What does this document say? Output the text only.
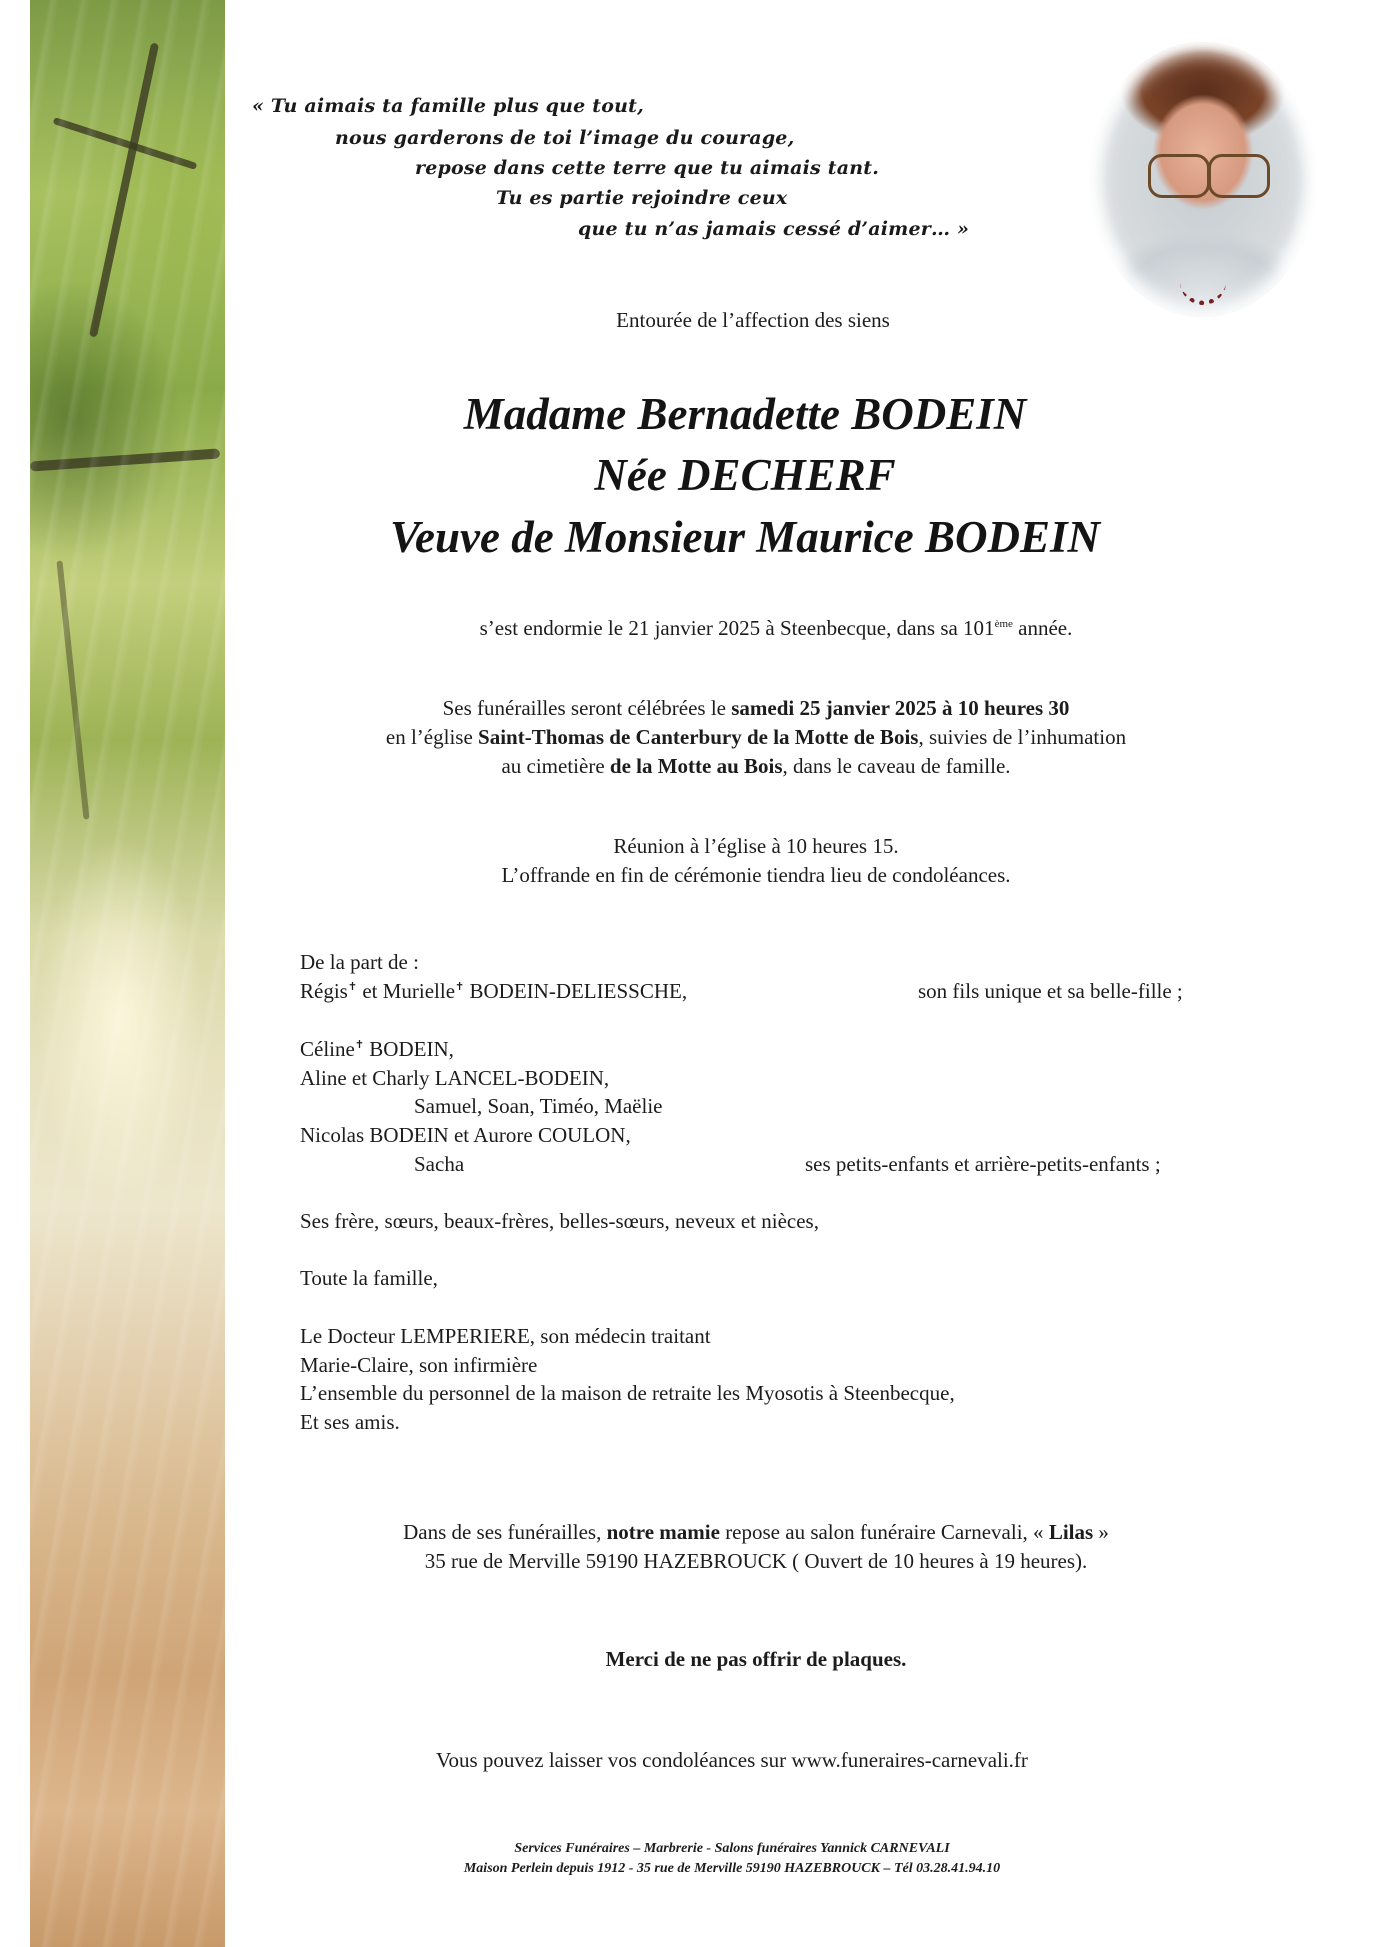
« Tu aimais ta famille plus que tout,
nous garderons de toi l’image du courage,
repose dans cette terre que tu aimais tant.
Tu es partie rejoindre ceux
que tu n’as jamais cessé d’aimer… »
Entourée de l’affection des siens
Madame Bernadette BODEIN
Née DECHERF
Veuve de Monsieur Maurice BODEIN
s’est endormie le 21 janvier 2025 à Steenbecque, dans sa 101ème année.
Ses funérailles seront célébrées le samedi 25 janvier 2025 à 10 heures 30
en l’église Saint-Thomas de Canterbury de la Motte de Bois, suivies de l’inhumation
au cimetière de la Motte au Bois, dans le caveau de famille.
Réunion à l’église à 10 heures 15.
L’offrande en fin de cérémonie tiendra lieu de condoléances.
De la part de :
Régis✝ et Murielle✝ BODEIN-DELIESSCHE,	son fils unique et sa belle-fille ;
Céline✝ BODEIN,
Aline et Charly LANCEL-BODEIN,
Samuel, Soan, Timéo, Maëlie
Nicolas BODEIN et Aurore COULON,
Sacha	ses petits-enfants et arrière-petits-enfants ;
Ses frère, sœurs, beaux-frères, belles-sœurs, neveux et nièces,
Toute la famille,
Le Docteur LEMPERIERE, son médecin traitant
Marie-Claire, son infirmière
L’ensemble du personnel de la maison de retraite les Myosotis à Steenbecque,
Et ses amis.
Dans de ses funérailles, notre mamie repose au salon funéraire Carnevali, « Lilas »
35 rue de Merville 59190 HAZEBROUCK ( Ouvert de 10 heures à 19 heures).
Merci de ne pas offrir de plaques.
Vous pouvez laisser vos condoléances sur www.funeraires-carnevali.fr
Services Funéraires – Marbrerie - Salons funéraires Yannick CARNEVALI
Maison Perlein depuis 1912 - 35 rue de Merville 59190 HAZEBROUCK – Tél 03.28.41.94.10
